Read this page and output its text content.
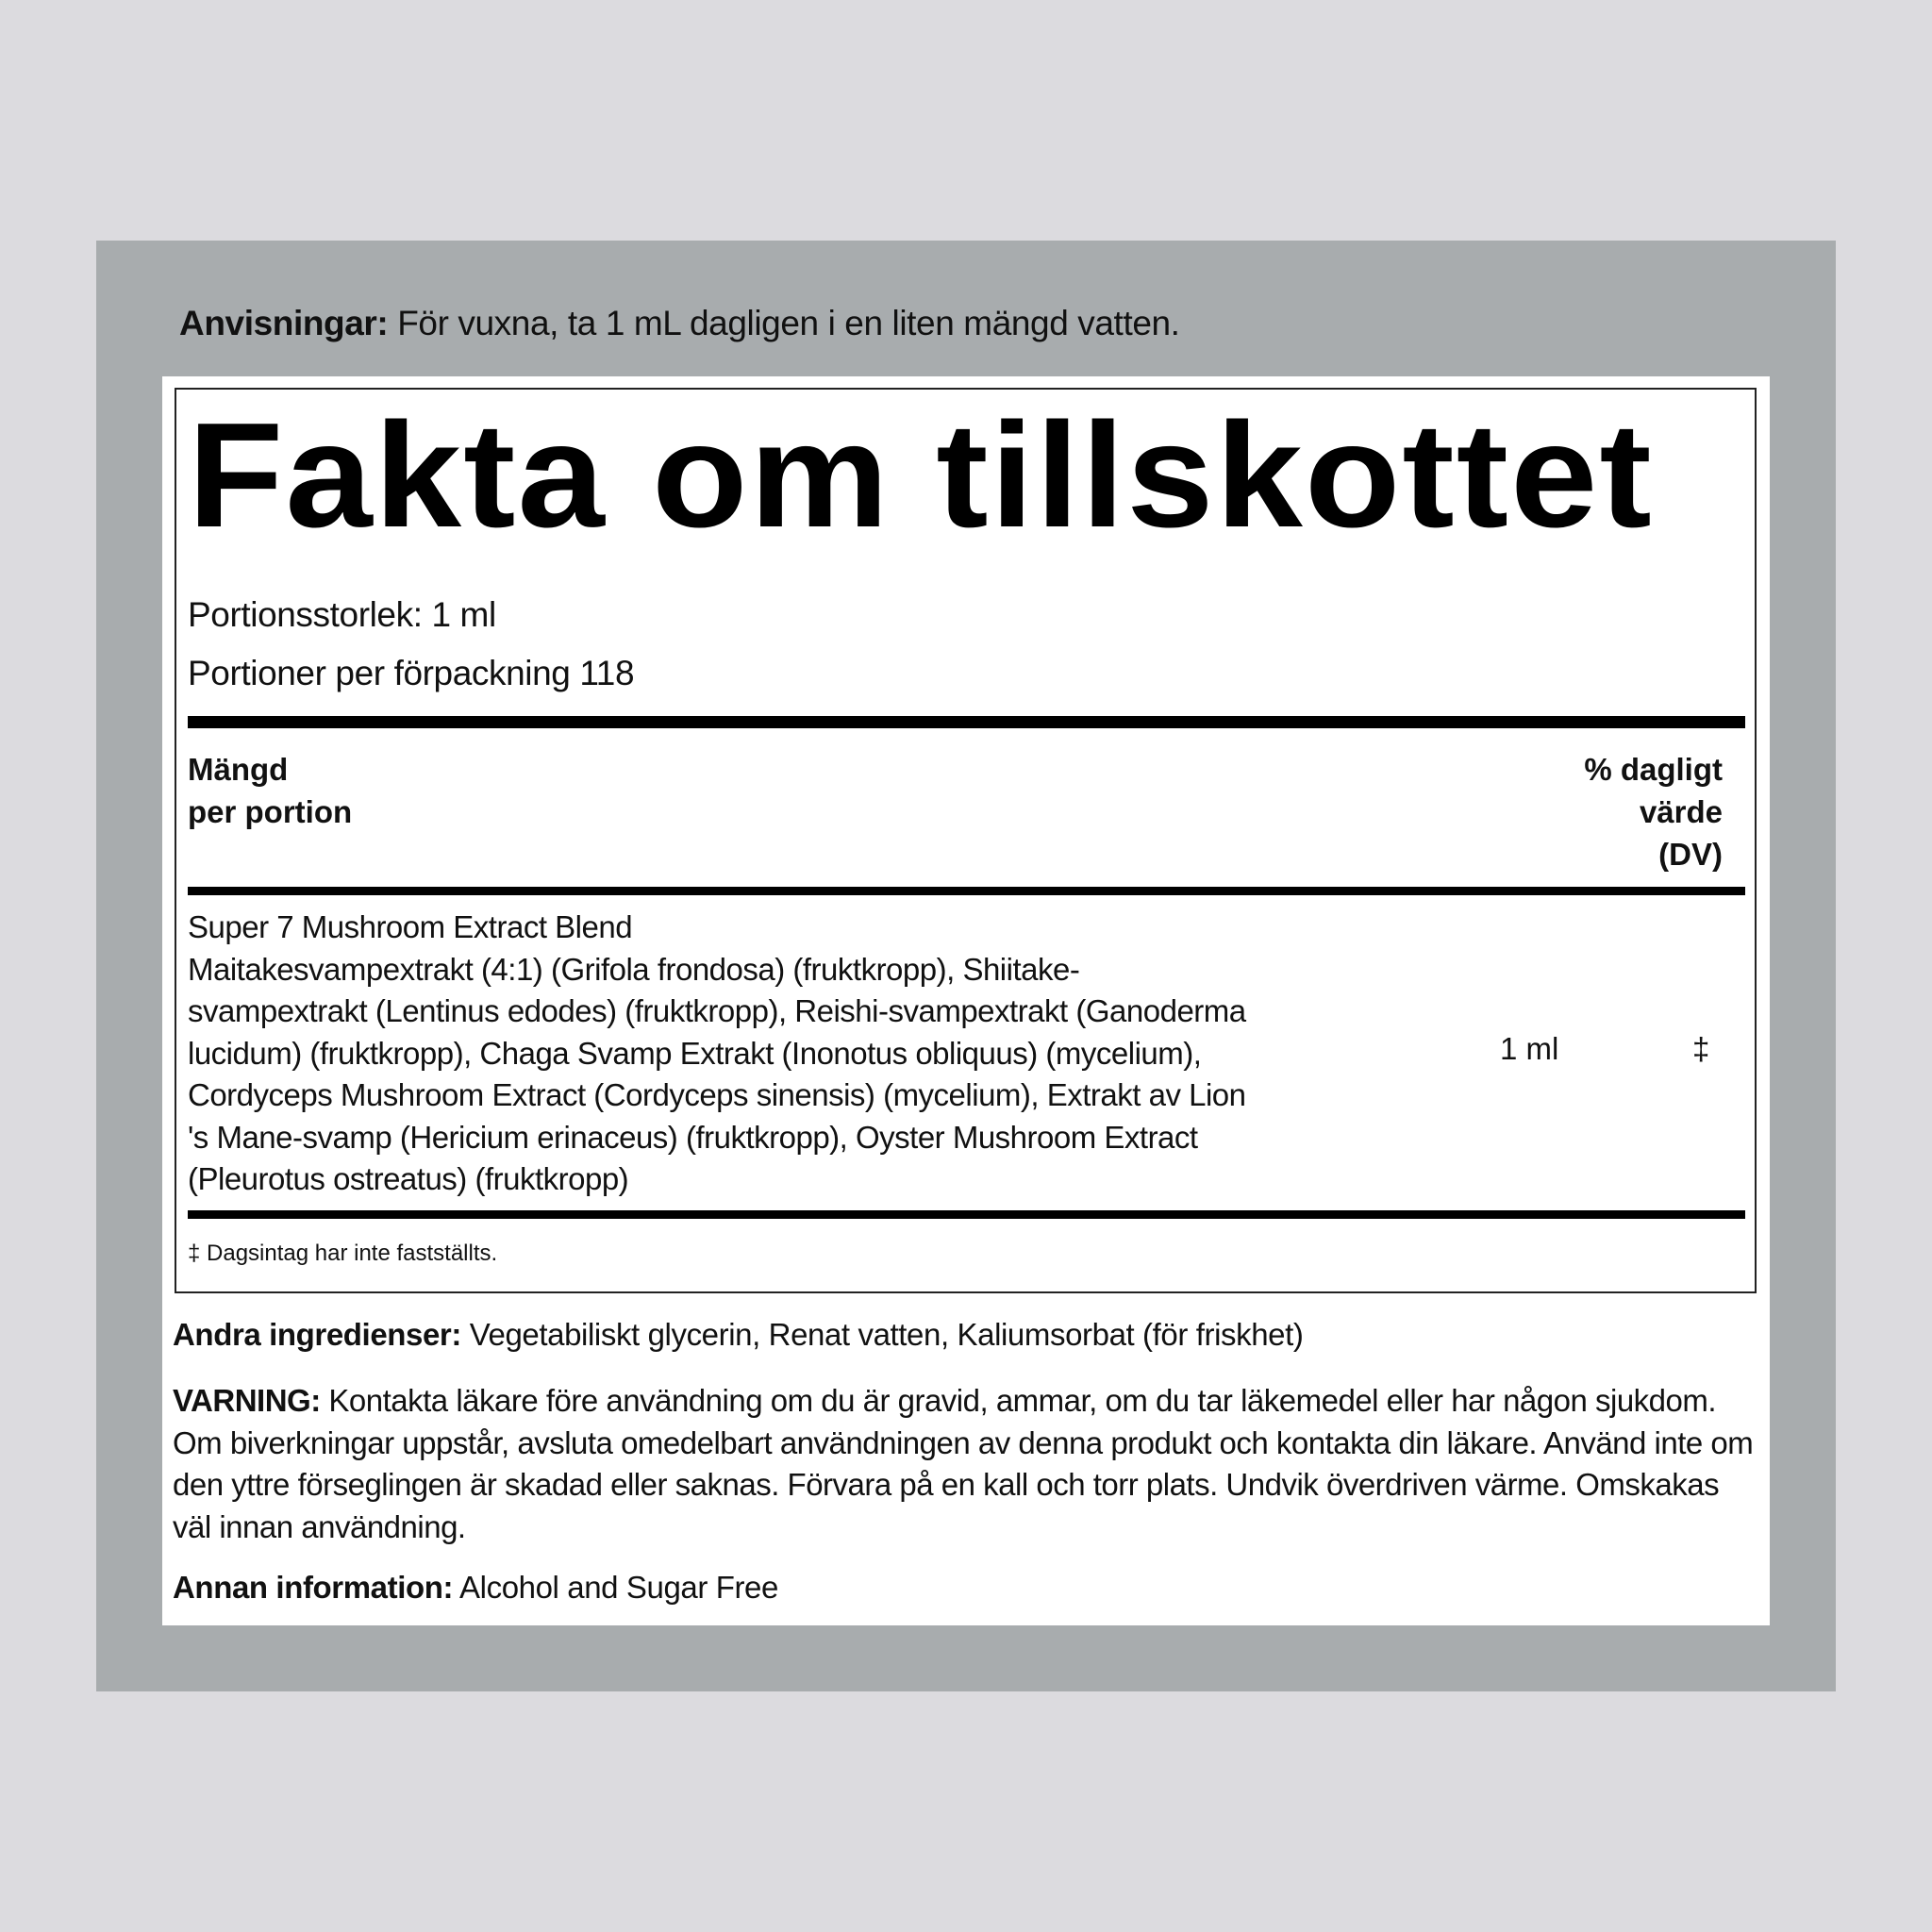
Anvisningar: För vuxna, ta 1 mL dagligen i en liten mängd vatten.
Fakta om tillskottet
Portionsstorlek: 1 ml
Portioner per förpackning 118
Mängd
per portion
% dagligt
värde
(DV)
Super 7 Mushroom Extract Blend
Maitakesvampextrakt (4:1) (Grifola frondosa) (fruktkropp), Shiitake-svampextrakt (Lentinus edodes) (fruktkropp), Reishi-svampextrakt (Ganoderma lucidum) (fruktkropp), Chaga Svamp Extrakt (Inonotus obliquus) (mycelium), Cordyceps Mushroom Extract (Cordyceps sinensis) (mycelium), Extrakt av Lion 's Mane-svamp (Hericium erinaceus) (fruktkropp), Oyster Mushroom Extract (Pleurotus ostreatus) (fruktkropp)
1 ml	‡
‡ Dagsintag har inte fastställts.
Andra ingredienser: Vegetabiliskt glycerin, Renat vatten, Kaliumsorbat (för friskhet)
VARNING: Kontakta läkare före användning om du är gravid, ammar, om du tar läkemedel eller har någon sjukdom. Om biverkningar uppstår, avsluta omedelbart användningen av denna produkt och kontakta din läkare. Använd inte om den yttre förseglingen är skadad eller saknas. Förvara på en kall och torr plats. Undvik överdriven värme. Omskakas väl innan användning.
Annan information: Alcohol and Sugar Free
